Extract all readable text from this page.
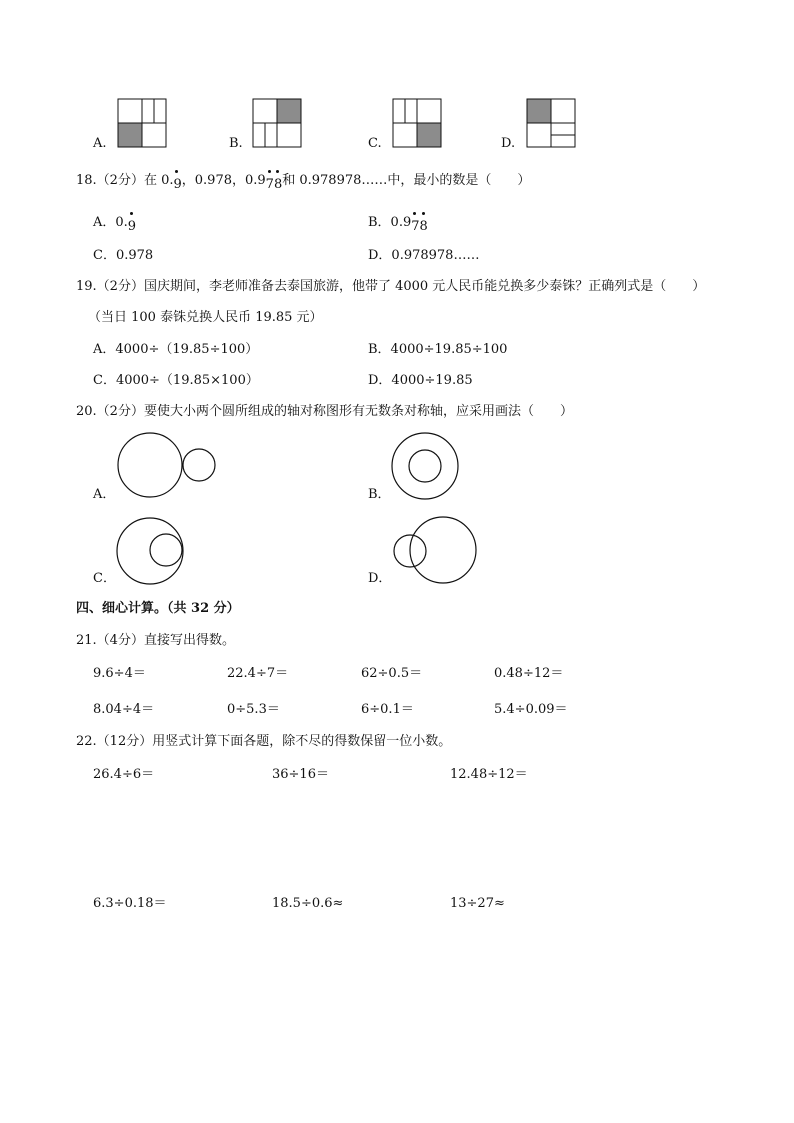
A.	B.	C.	D.
18.（2分）在 0.
9，0.978，0.9
7
8和 0.978978……中，最小的数是（　　）
A．0.
9	B．0.9
7
8
C．0.978	D．0.978978……
19.（2分）国庆期间，李老师准备去泰国旅游，他带了 4000 元人民币能兑换多少泰铢？正确列式是（　　）
（当日 100 泰铢兑换人民币 19.85 元）
A．4000÷（19.85÷100）	B．4000÷19.85÷100
C．4000÷（19.85×100）	D．4000÷19.85
20.（2分）要使大小两个圆所组成的轴对称图形有无数条对称轴，应采用画法（　　）
A．	B．
C．	D．
四、细心计算。（共 32 分）
21.（4分）直接写出得数。
9.6÷4＝	22.4÷7＝	62÷0.5＝	0.48÷12＝
8.04÷4＝	0÷5.3＝	6÷0.1＝	5.4÷0.09＝
22.（12分）用竖式计算下面各题，除不尽的得数保留一位小数。
26.4÷6＝	36÷16＝	12.48÷12＝
6.3÷0.18＝	18.5÷0.6≈	13÷27≈
